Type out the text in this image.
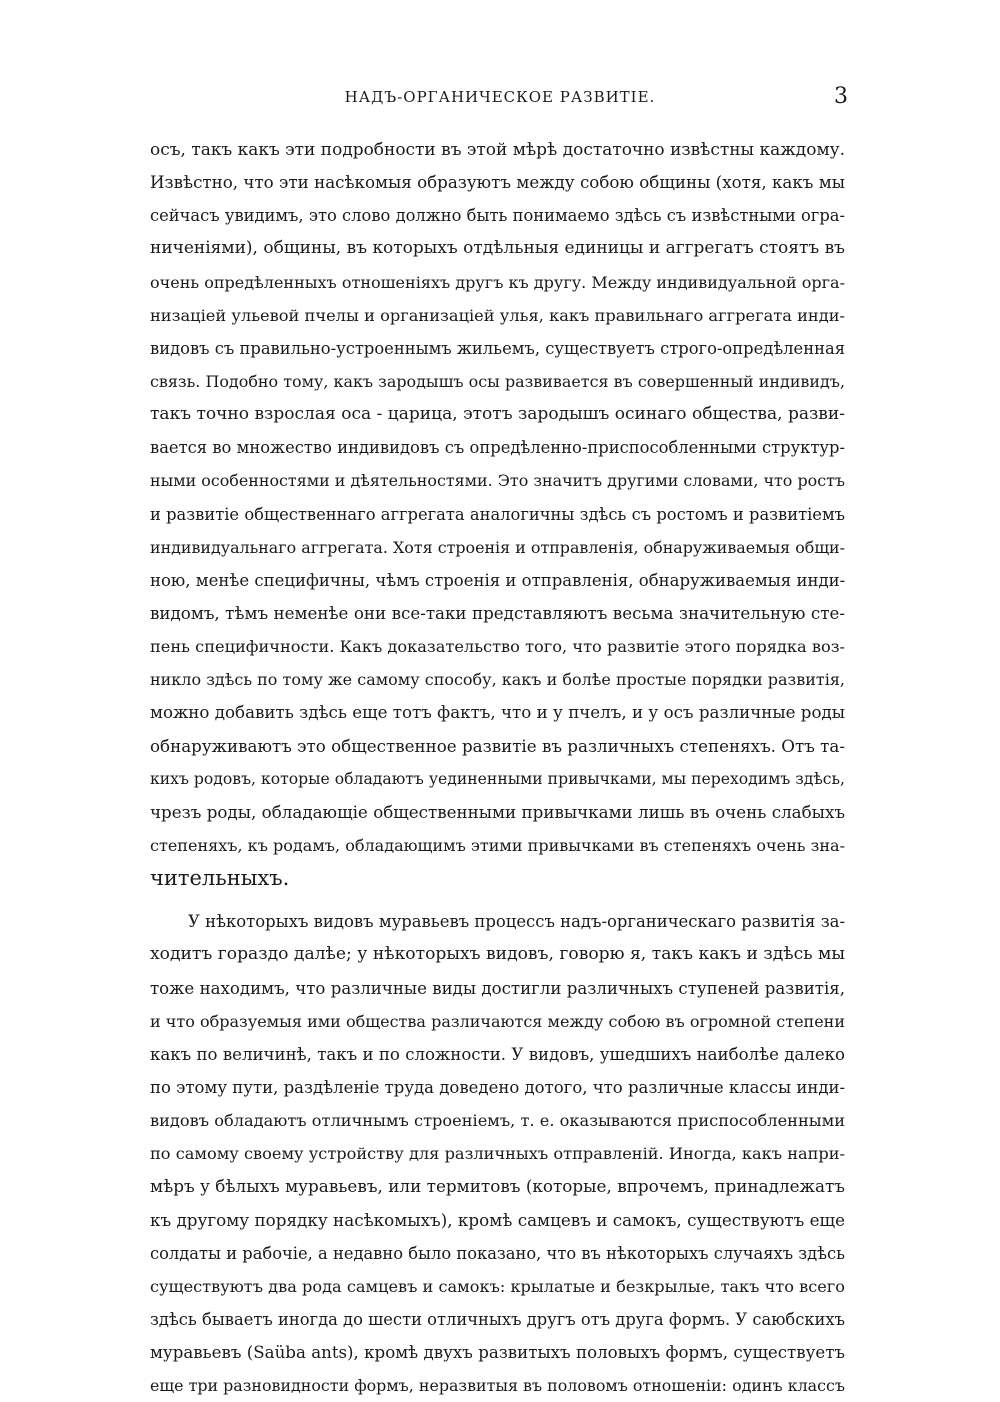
НАДЪ-ОРГАНИЧЕСКОЕ РАЗВИТІЕ.	3
осъ, такъ какъ эти подробности въ этой мѣрѣ достаточно извѣстны каждому.
Извѣстно, что эти насѣкомыя образуютъ между собою общины (хотя, какъ мы
сейчасъ увидимъ, это слово должно быть понимаемо здѣсь съ извѣстными огра-
ниченіями), общины, въ которыхъ отдѣльныя единицы и аггрегатъ стоятъ въ
очень опредѣленныхъ отношеніяхъ другъ къ другу. Между индивидуальной орга-
низаціей ульевой пчелы и организаціей улья, какъ правильнаго аггрегата инди-
видовъ съ правильно-устроеннымъ жильемъ, существуетъ строго-опредѣленная
связь. Подобно тому, какъ зародышъ осы развивается въ совершенный индивидъ,
такъ точно взрослая оса - царица, этотъ зародышъ осинаго общества, разви-
вается во множество индивидовъ съ опредѣленно-приспособленными структур-
ными особенностями и дѣятельностями. Это значитъ другими словами, что ростъ
и развитіе общественнаго аггрегата аналогичны здѣсь съ ростомъ и развитіемъ
индивидуальнаго аггрегата. Хотя строенія и отправленія, обнаруживаемыя общи-
ною, менѣе специфичны, чѣмъ строенія и отправленія, обнаруживаемыя инди-
видомъ, тѣмъ неменѣе они все-таки представляютъ весьма значительную сте-
пень специфичности. Какъ доказательство того, что развитіе этого порядка воз-
никло здѣсь по тому же самому способу, какъ и болѣе простые порядки развитія,
можно добавить здѣсь еще тотъ фактъ, что и у пчелъ, и у осъ различные роды
обнаруживаютъ это общественное развитіе въ различныхъ степеняхъ. Отъ та-
кихъ родовъ, которые обладаютъ уединенными привычками, мы переходимъ здѣсь,
чрезъ роды, обладающіе общественными привычками лишь въ очень слабыхъ
степеняхъ, къ родамъ, обладающимъ этими привычками въ степеняхъ очень зна-
чительныхъ.
У нѣкоторыхъ видовъ муравьевъ процессъ надъ-органическаго развитія за-
ходитъ гораздо далѣе; у нѣкоторыхъ видовъ, говорю я, такъ какъ и здѣсь мы
тоже находимъ, что различные виды достигли различныхъ ступеней развитія,
и что образуемыя ими общества различаются между собою въ огромной степени
какъ по величинѣ, такъ и по сложности. У видовъ, ушедшихъ наиболѣе далеко
по этому пути, раздѣленіе труда доведено дотого, что различные классы инди-
видовъ обладаютъ отличнымъ строеніемъ, т. е. оказываются приспособленными
по самому своему устройству для различныхъ отправленій. Иногда, какъ напри-
мѣръ у бѣлыхъ муравьевъ, или термитовъ (которые, впрочемъ, принадлежатъ
къ другому порядку насѣкомыхъ), кромѣ самцевъ и самокъ, существуютъ еще
солдаты и рабочіе, а недавно было показано, что въ нѣкоторыхъ случаяхъ здѣсь
существуютъ два рода самцевъ и самокъ: крылатые и безкрылые, такъ что всего
здѣсь бываетъ иногда до шести отличныхъ другъ отъ друга формъ. У саюбскихъ
муравьевъ (Saüba ants), кромѣ двухъ развитыхъ половыхъ формъ, существуетъ
еще три разновидности формъ, неразвитыя въ половомъ отношеніи: одинъ классъ
